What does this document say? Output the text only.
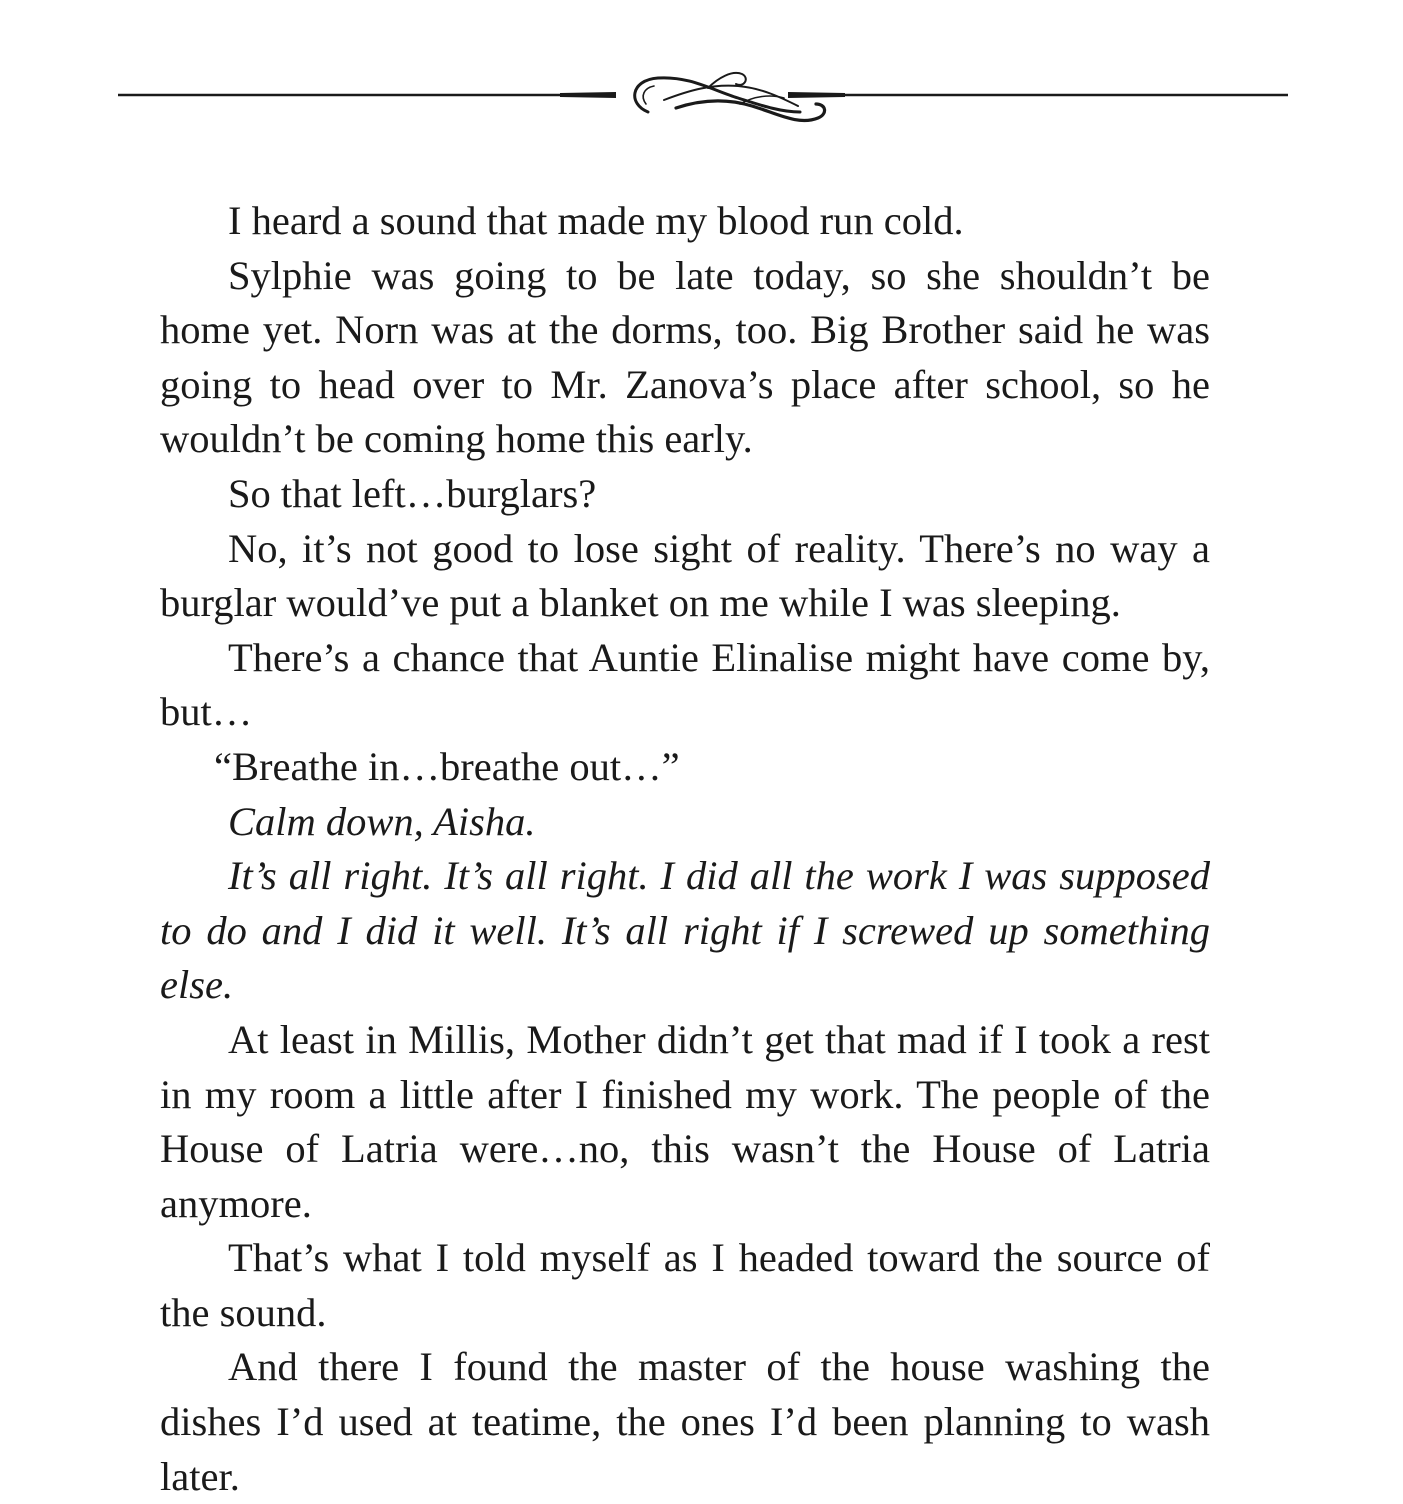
I heard a sound that made my blood run cold.

Sylphie was going to be late today, so she shouldn’t be home yet. Norn was at the dorms, too. Big Brother said he was going to head over to Mr. Zanova’s place after school, so he wouldn’t be coming home this early.

So that left…burglars?

No, it’s not good to lose sight of reality. There’s no way a burglar would’ve put a blanket on me while I was sleeping.

There’s a chance that Auntie Elinalise might have come by, but…

“Breathe in…breathe out…”

Calm down, Aisha.

It’s all right. It’s all right. I did all the work I was supposed to do and I did it well. It’s all right if I screwed up something else.

At least in Millis, Mother didn’t get that mad if I took a rest in my room a little after I finished my work. The people of the House of Latria were…no, this wasn’t the House of Latria anymore.

That’s what I told myself as I headed toward the source of the sound.

And there I found the master of the house washing the dishes I’d used at teatime, the ones I’d been planning to wash later.
